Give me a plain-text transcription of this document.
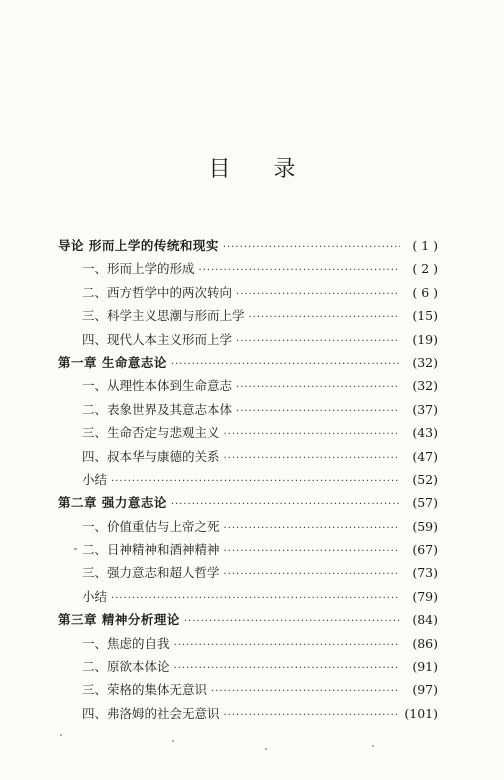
目 录
导论 形而上学的传统和现实 ·····	( 1 )
一、形而上学的形成 ·····	( 2 )
二、西方哲学中的两次转向 ·····	( 6 )
三、科学主义思潮与形而上学 ·····	(15)
四、现代人本主义形而上学 ·····	(19)
第一章 生命意志论 ·····	(32)
一、从理性本体到生命意志 ·····	(32)
二、表象世界及其意志本体 ·····	(37)
三、生命否定与悲观主义 ·····	(43)
四、叔本华与康德的关系 ·····	(47)
小结 ·····	(52)
第二章 强力意志论 ·····	(57)
一、价值重估与上帝之死 ·····	(59)
二、日神精神和酒神精神 ·····	(67)
三、强力意志和超人哲学 ·····	(73)
小结 ·····	(79)
第三章 精神分析理论 ·····	(84)
一、焦虑的自我 ·····	(86)
二、原欲本体论 ·····	(91)
三、荣格的集体无意识 ·····	(97)
四、弗洛姆的社会无意识 ·····	(101)
